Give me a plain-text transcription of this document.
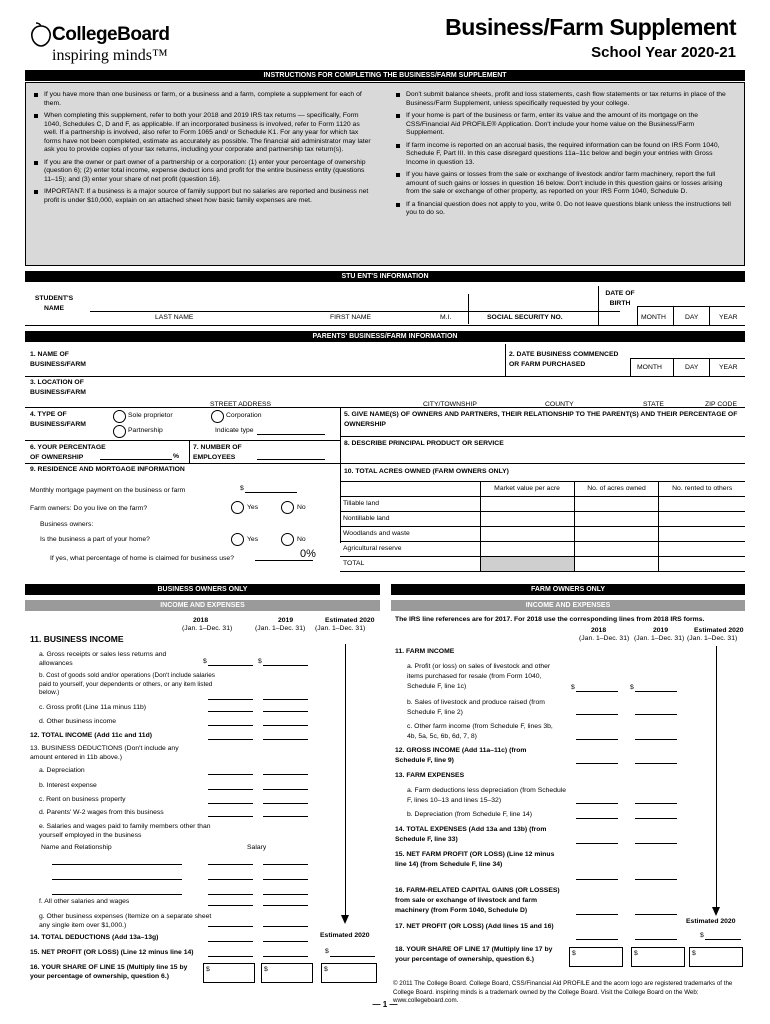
CollegeBoard
inspiring minds™
Business/Farm Supplement
School Year 2020-21
INSTRUCTIONS FOR COMPLETING THE BUSINESS/FARM SUPPLEMENT
If you have more than one business or farm, or a business and a farm, complete a supplement for each of them.
When completing this supplement, refer to both your 2018 and 2019 IRS tax returns — specifically, Form 1040, Schedules C, D and F, as applicable. If an incorporated business is involved, refer to Form 1120 as well. If a partnership is involved, also refer to Form 1065 and/ or Schedule K1. For any year for which tax forms have not been completed, estimate as accurately as possible. The financial aid administrator may later ask you to provide copies of your tax returns, including your corporate and partnership tax return(s).
If you are the owner or part owner of a partnership or a corporation: (1) enter your percentage of ownership (question 6); (2) enter total income, expense deduct ions and profit for the entire business entity (questions 11–15); and (3) enter your share of net profit (question 16).
IMPORTANT: If a business is a major source of family support but no salaries are reported and business net profit is under $10,000, explain on an attached sheet how basic family expenses are met.
Don't submit balance sheets, profit and loss statements, cash flow statements or tax returns in place of the Business/Farm Supplement, unless specifically requested by your college.
If your home is part of the business or farm, enter its value and the amount of its mortgage on the CSS/Financial Aid PROFILE® Application. Don't include your home value on the Business/Farm Supplement.
If farm income is reported on an accrual basis, the required information can be found on IRS Form 1040, Schedule F, Part III. In this case disregard questions 11a–11c below and begin your entries with Gross Income in question 13.
If you have gains or losses from the sale or exchange of livestock and/or farm machinery, report the full amount of such gains or losses in question 16 below. Don't include in this question gains or losses arising from the sale or exchange of other property, as reported on your IRS Form 1040, Schedule D.
If a financial question does not apply to you, write 0. Do not leave questions blank unless the instructions tell you to do so.
STU ENT'S INFORMATION
STUDENT'S NAME
LAST NAME	FIRST NAME	M.I.	SOCIAL SECURITY NO.
DATE OF BIRTH
MONTH	DAY	YEAR
PARENTS' BUSINESS/FARM INFORMATION
1. NAME OF BUSINESS/FARM
2. DATE BUSINESS COMMENCED OR FARM PURCHASED	MONTH	DAY	YEAR
3. LOCATION OF BUSINESS/FARM
STREET ADDRESS	CITY/TOWNSHIP	COUNTY	STATE	ZIP CODE
4. TYPE OF BUSINESS/FARM
Sole proprietor
Partnership
Corporation
Indicate type
5. GIVE NAME(S) OF OWNERS AND PARTNERS, THEIR RELATIONSHIP TO THE PARENT(S) AND THEIR PERCENTAGE OF OWNERSHIP
6. YOUR PERCENTAGE OF OWNERSHIP	%
7. NUMBER OF EMPLOYEES
8. DESCRIBE PRINCIPAL PRODUCT OR SERVICE
9. RESIDENCE AND MORTGAGE INFORMATION
Monthly mortgage payment on the business or farm	$
Farm owners: Do you live on the farm?	Yes	No
Business owners:
Is the business a part of your home?	Yes	No
If yes, what percentage of home is claimed for business use?	0%
10. TOTAL ACRES OWNED (FARM OWNERS ONLY)
	Market value per acre	No. of acres owned	No. rented to others
Tillable land			
Nontillable land			
Woodlands and waste			
Agricultural reserve			
TOTAL			
BUSINESS OWNERS ONLY
INCOME AND EXPENSES
2018	2019	Estimated 2020
(Jan. 1–Dec. 31)	(Jan. 1–Dec. 31) (Jan. 1–Dec. 31)
11. BUSINESS INCOME
a. Gross receipts or sales less returns and allowances	$	$
b. Cost of goods sold and/or operations (Don't include salaries paid to yourself, your dependents or others, or any item listed below.)
c. Gross profit (Line 11a minus 11b)
d. Other business income
12. TOTAL INCOME (Add 11c and 11d)
13. BUSINESS DEDUCTIONS (Don't include any amount entered in 11b above.)
a. Depreciation
b. Interest expense
c. Rent on business property
d. Parents' W-2 wages from this business
e. Salaries and wages paid to family members other than yourself employed in the business
Name and Relationship	Salary
f. All other salaries and wages
g. Other business expenses (Itemize on a separate sheet any single item over $1,000.)
14. TOTAL DEDUCTIONS (Add 13a–13g)	Estimated 2020
15. NET PROFIT (OR LOSS) (Line 12 minus line 14)	$
16. YOUR SHARE OF LINE 15 (Multiply line 15 by your percentage of ownership, question 6.)
$	$	$
FARM OWNERS ONLY
INCOME AND EXPENSES
The IRS line references are for 2017. For 2018 use the corresponding lines from 2018 IRS forms.
2018	2019	Estimated 2020
(Jan. 1–Dec. 31) (Jan. 1–Dec. 31) (Jan. 1–Dec. 31)
11. FARM INCOME
a. Profit (or loss) on sales of livestock and other items purchased for resale (from Form 1040, Schedule F, line 1c)	$	$
b. Sales of livestock and produce raised (from Schedule F, line 2)
c. Other farm income (from Schedule F, lines 3b, 4b, 5a, 5c, 6b, 6d, 7, 8)
12. GROSS INCOME (Add 11a–11c) (from Schedule F, line 9)
13. FARM EXPENSES
a. Farm deductions less depreciation (from Schedule F, lines 10–13 and lines 15–32)
b. Depreciation (from Schedule F, line 14)
14. TOTAL EXPENSES (Add 13a and 13b) (from Schedule F, line 33)
15. NET FARM PROFIT (OR LOSS) (Line 12 minus line 14) (from Schedule F, line 34)
16. FARM-RELATED CAPITAL GAINS (OR LOSSES) from sale or exchange of livestock and farm machinery (from Form 1040, Schedule D)
Estimated 2020
17. NET PROFIT (OR LOSS) (Add lines 15 and 16)
$
18. YOUR SHARE OF LINE 17 (Multiply line 17 by your percentage of ownership, question 6.)
$	$	$
© 2011 The College Board. College Board, CSS/Financial Aid PROFILE and the acorn logo are registered trademarks of the College Board. inspiring minds is a trademark owned by the College Board. Visit the College Board on the Web: www.collegeboard.com.
— 1 —
